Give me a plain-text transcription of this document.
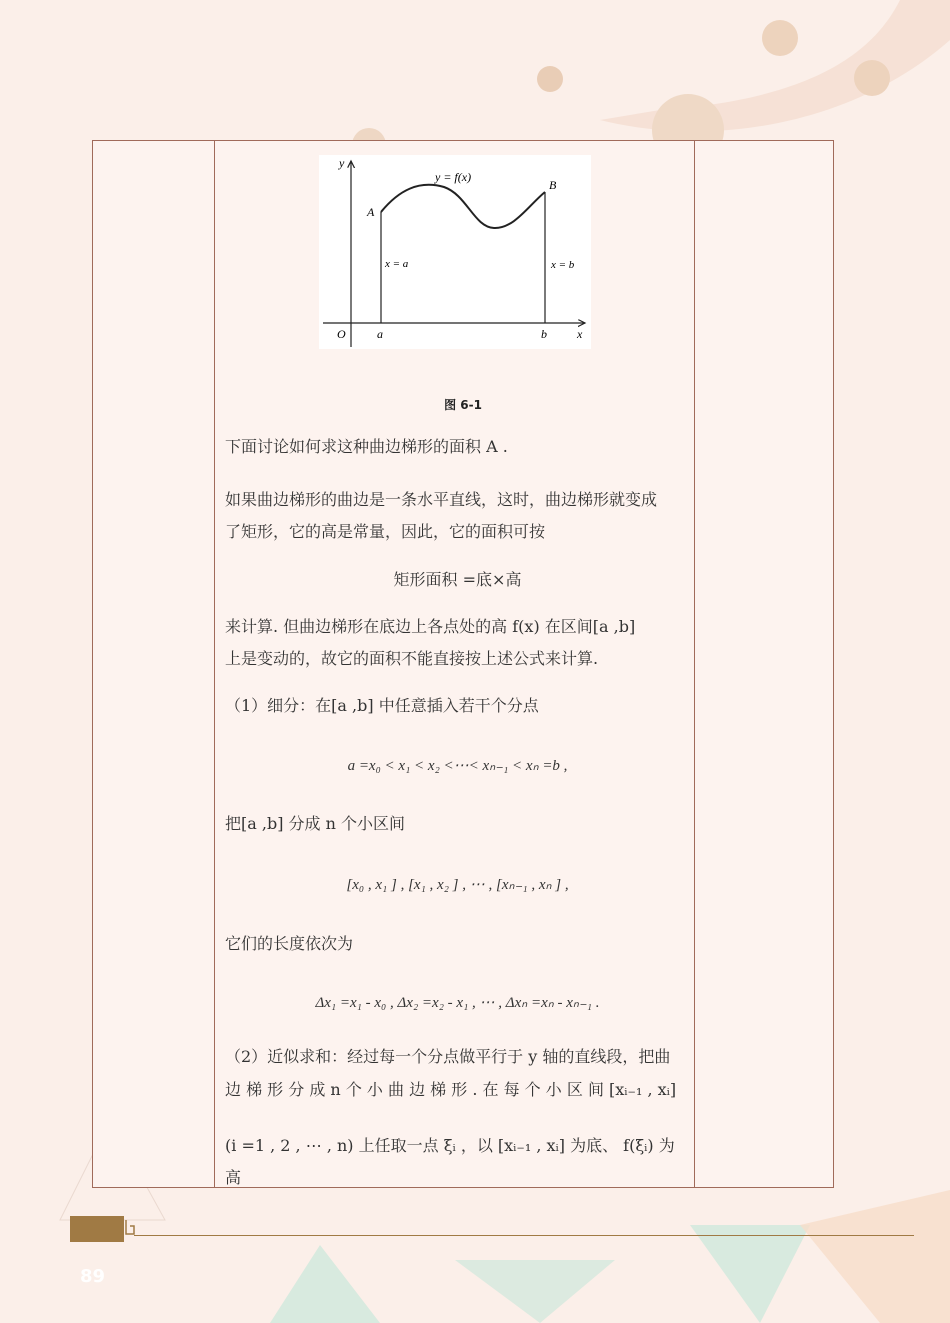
y
x
O
y = f(x)
A
B
x = a	x = b
a	b
图 6-1
下面讨论如何求这种曲边梯形的面积 A .
如果曲边梯形的曲边是一条水平直线，这时，曲边梯形就变成
了矩形，它的高是常量，因此，它的面积可按
矩形面积 =底×高
来计算. 但曲边梯形在底边上各点处的高 f(x) 在区间[a ,b]
上是变动的，故它的面积不能直接按上述公式来计算.
（1）细分：在[a ,b] 中任意插入若干个分点
a =x₀ < x₁ < x₂ <⋯< xₙ₋₁ < xₙ =b ,
把[a ,b] 分成 n 个小区间
[x₀ , x₁ ] , [x₁ , x₂ ] , ⋯ , [xₙ₋₁ , xₙ ] ,
它们的长度依次为
Δx₁ =x₁ - x₀ , Δx₂ =x₂ - x₁ , ⋯ , Δxₙ =xₙ - xₙ₋₁ .
（2）近似求和：经过每一个分点做平行于 y 轴的直线段，把曲
边 梯 形 分 成 n 个 小 曲 边 梯 形 . 在 每 个 小 区 间 [xᵢ₋₁ , xᵢ]
(i =1 , 2 , ⋯ , n) 上任取一点 ξᵢ ，以 [xᵢ₋₁ , xᵢ] 为底、 f(ξᵢ) 为高
89
